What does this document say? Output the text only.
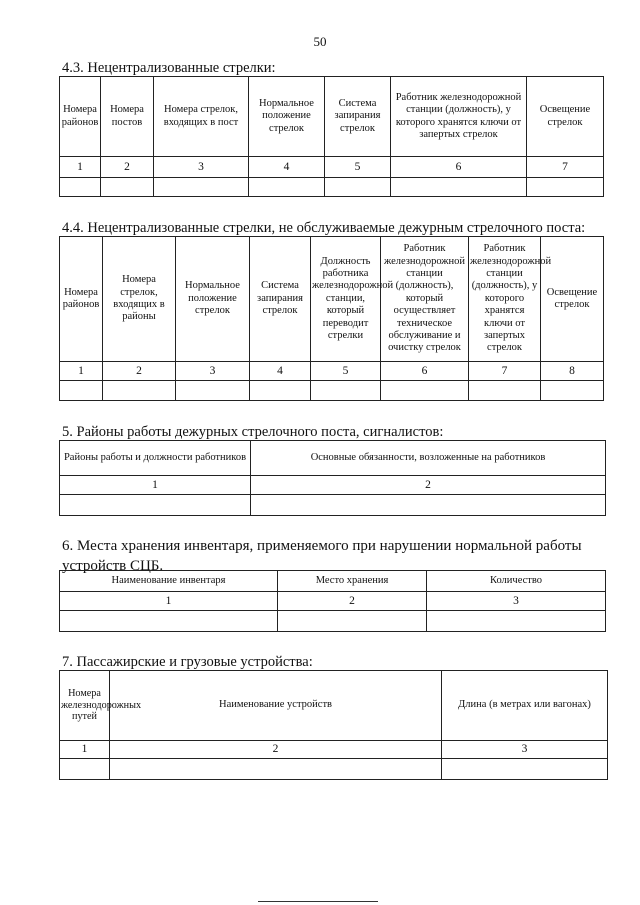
50
4.3. Нецентрализованные стрелки:
Номера районов	Номера постов	Номера стрелок, входящих в пост	Нормальное положение стрелок	Система запирания стрелок	Работник железнодорожной станции (должность), у которого хранятся ключи от запертых стрелок	Освещение стрелок
1	2	3	4	5	6	7

4.4. Нецентрализованные стрелки, не обслуживаемые дежурным стрелочного поста:
Номера районов	Номера стрелок, входящих в районы	Нормальное положение стрелок	Система запирания стрелок	Должность работника железнодорожной станции, который переводит стрелки	Работник железнодорожной станции (должность), который осуществляет техническое обслуживание и очистку стрелок	Работник железнодорожной станции (должность), у которого хранятся ключи от запертых стрелок	Освещение стрелок
1	2	3	4	5	6	7	8

5. Районы работы дежурных стрелочного поста, сигналистов:
Районы работы и должности работников	Основные обязанности, возложенные на работников
1	2

6. Места хранения инвентаря, применяемого при нарушении нормальной работы устройств СЦБ.
Наименование инвентаря	Место хранения	Количество
1	2	3

7. Пассажирские и грузовые устройства:
Номера железнодорожных путей	Наименование устройств	Длина (в метрах или вагонах)
1	2	3
